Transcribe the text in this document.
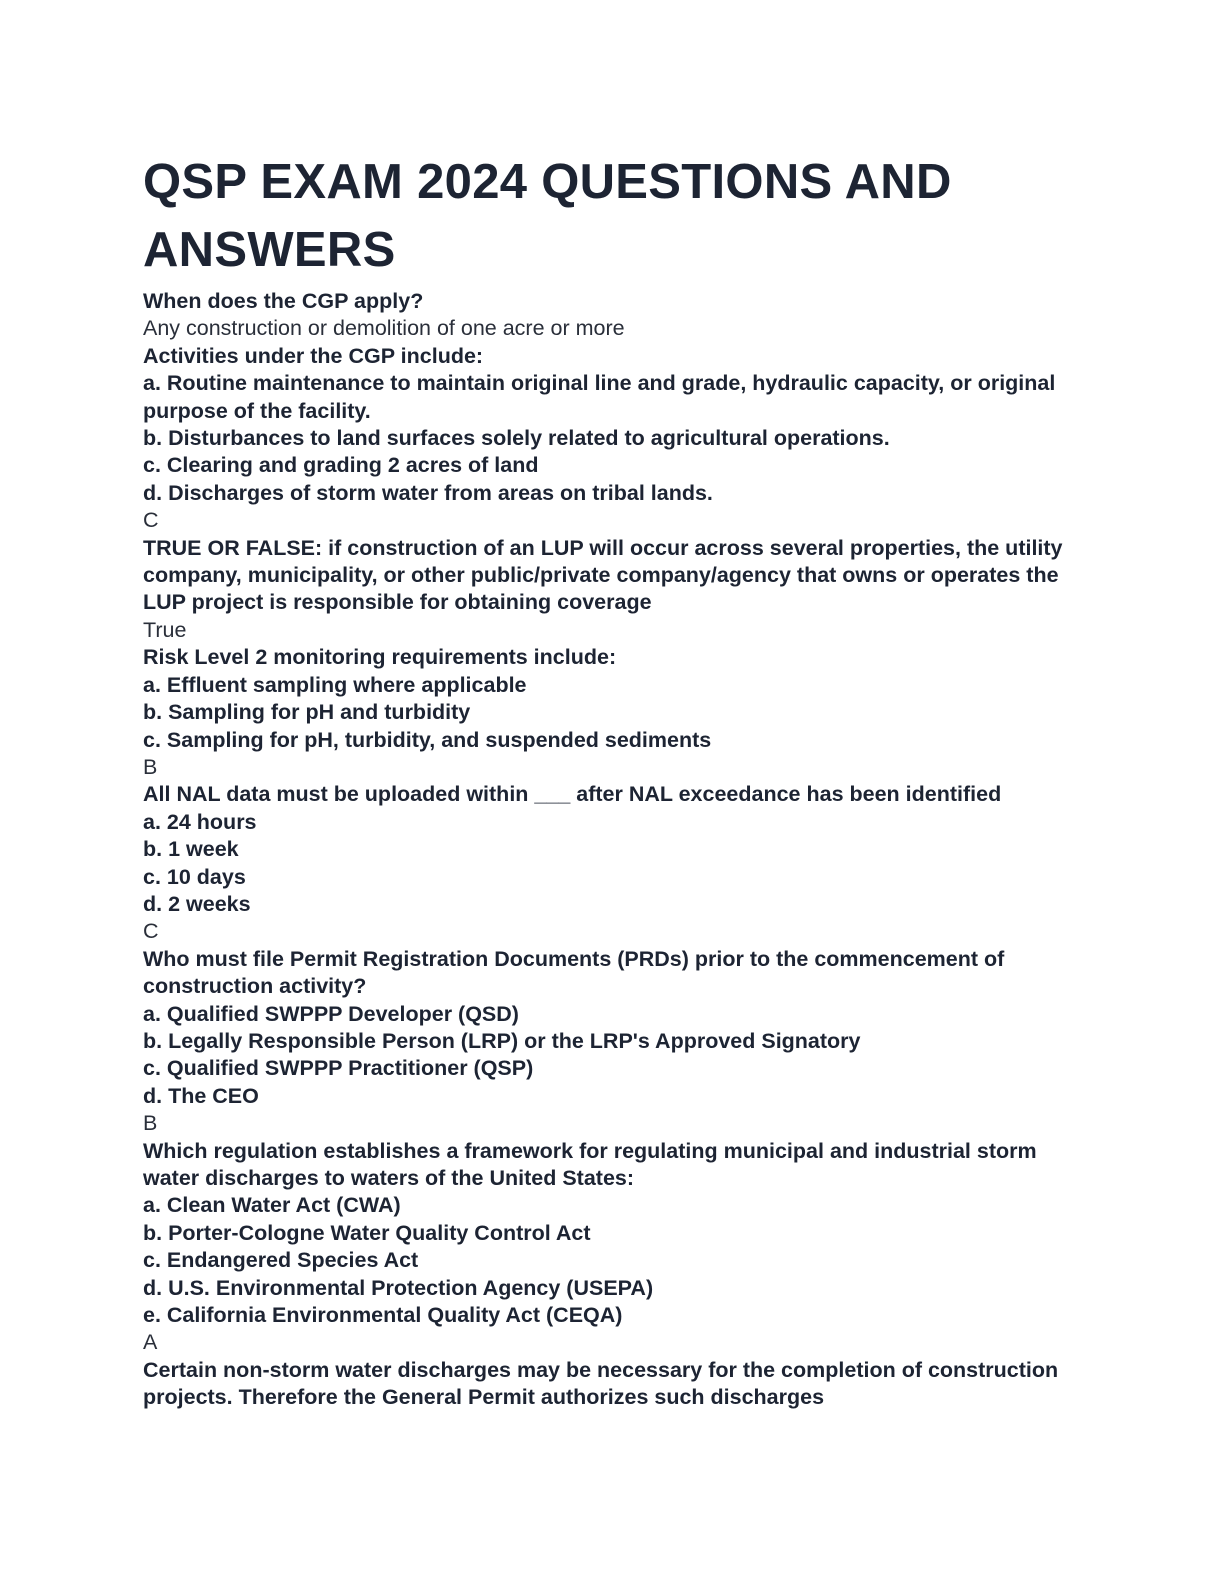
QSP EXAM 2024 QUESTIONS AND ANSWERS

When does the CGP apply?

Any construction or demolition of one acre or more

Activities under the CGP include:

a. Routine maintenance to maintain original line and grade, hydraulic capacity, or original purpose of the facility.

b. Disturbances to land surfaces solely related to agricultural operations.

c. Clearing and grading 2 acres of land

d. Discharges of storm water from areas on tribal lands.

C

TRUE OR FALSE: if construction of an LUP will occur across several properties, the utility company, municipality, or other public/private company/agency that owns or operates the LUP project is responsible for obtaining coverage

True

Risk Level 2 monitoring requirements include:

a. Effluent sampling where applicable

b. Sampling for pH and turbidity

c. Sampling for pH, turbidity, and suspended sediments

B

All NAL data must be uploaded within ___ after NAL exceedance has been identified

a. 24 hours

b. 1 week

c. 10 days

d. 2 weeks

C

Who must file Permit Registration Documents (PRDs) prior to the commencement of construction activity?

a. Qualified SWPPP Developer (QSD)

b. Legally Responsible Person (LRP) or the LRP's Approved Signatory

c. Qualified SWPPP Practitioner (QSP)

d. The CEO

B

Which regulation establishes a framework for regulating municipal and industrial storm water discharges to waters of the United States:

a. Clean Water Act (CWA)

b. Porter-Cologne Water Quality Control Act

c. Endangered Species Act

d. U.S. Environmental Protection Agency (USEPA)

e. California Environmental Quality Act (CEQA)

A

Certain non-storm water discharges may be necessary for the completion of construction projects. Therefore the General Permit authorizes such discharges
